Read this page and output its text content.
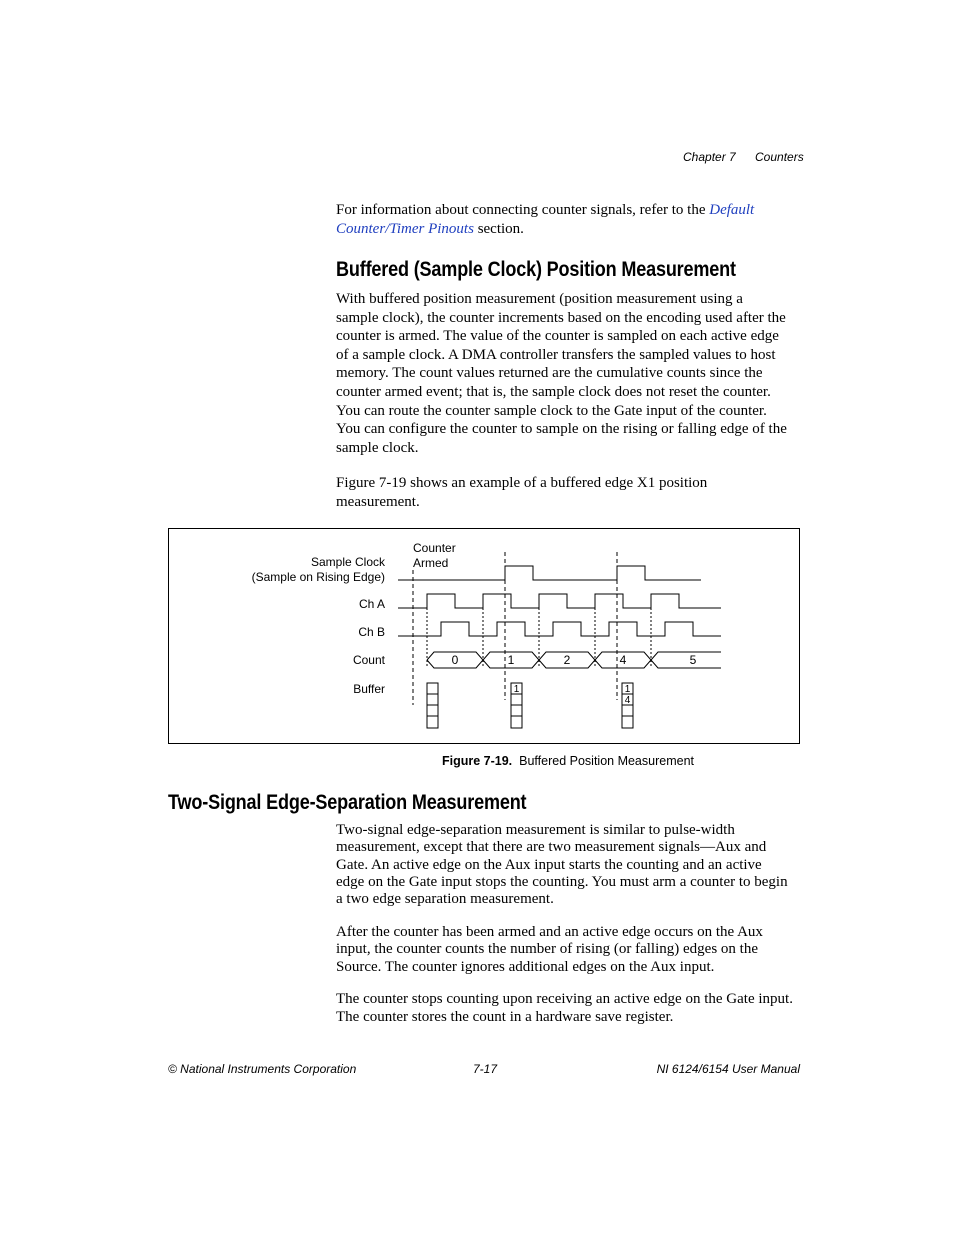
Chapter 7 Counters
For information about connecting counter signals, refer to the Default
Counter/Timer Pinouts section.
Buffered (Sample Clock) Position Measurement
With buffered position measurement (position measurement using a
sample clock), the counter increments based on the encoding used after the
counter is armed. The value of the counter is sampled on each active edge
of a sample clock. A DMA controller transfers the sampled values to host
memory. The count values returned are the cumulative counts since the
counter armed event; that is, the sample clock does not reset the counter.
You can route the counter sample clock to the Gate input of the counter.
You can configure the counter to sample on the rising or falling edge of the
sample clock.
Figure 7-19 shows an example of a buffered edge X1 position
measurement.
Counter
Armed
Sample Clock
(Sample on Rising Edge)
Ch A
Ch B
Count
Buffer
0	1	2	4	5
1	1
4
Figure 7-19. Buffered Position Measurement
Two-Signal Edge-Separation Measurement
Two-signal edge-separation measurement is similar to pulse-width
measurement, except that there are two measurement signals—Aux and
Gate. An active edge on the Aux input starts the counting and an active
edge on the Gate input stops the counting. You must arm a counter to begin
a two edge separation measurement.
After the counter has been armed and an active edge occurs on the Aux
input, the counter counts the number of rising (or falling) edges on the
Source. The counter ignores additional edges on the Aux input.
The counter stops counting upon receiving an active edge on the Gate input.
The counter stores the count in a hardware save register.
© National Instruments Corporation	7-17	NI 6124/6154 User Manual
